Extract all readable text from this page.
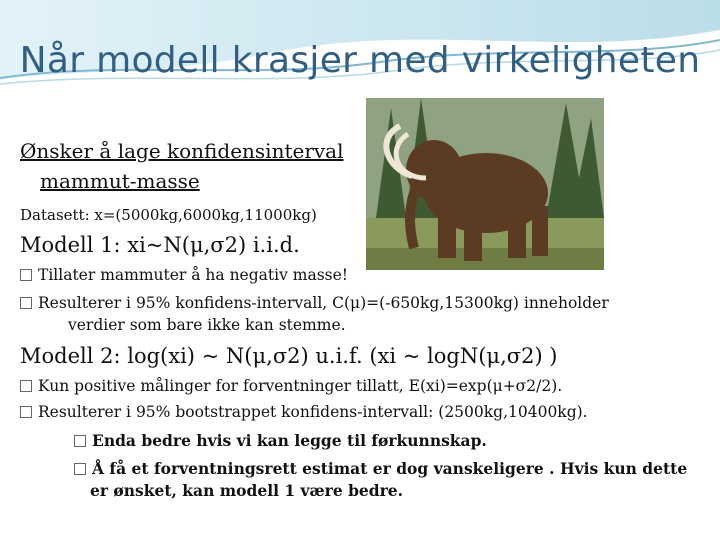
Når modell krasjer med virkeligheten
Ønsker å lage konfidensinterval
mammut-masse
Datasett: x=(5000kg,6000kg,11000kg)
Modell 1: xi~N(μ,σ2) i.i.d.
Tillater mammuter å ha negativ masse!
Resulterer i 95% konfidens-intervall, C(μ)=(-650kg,15300kg) inneholder
verdier som bare ikke kan stemme.
Modell 2: log(xi) ~ N(μ,σ2) u.i.f. (xi ~ logN(μ,σ2) )
Kun positive målinger for forventninger tillatt, E(xi)=exp(μ+σ2/2).
Resulterer i 95% bootstrappet konfidens-intervall: (2500kg,10400kg).
Enda bedre hvis vi kan legge til førkunnskap.
Å få et forventningsrett estimat er dog vanskeligere . Hvis kun dette
er ønsket, kan modell 1 være bedre.
